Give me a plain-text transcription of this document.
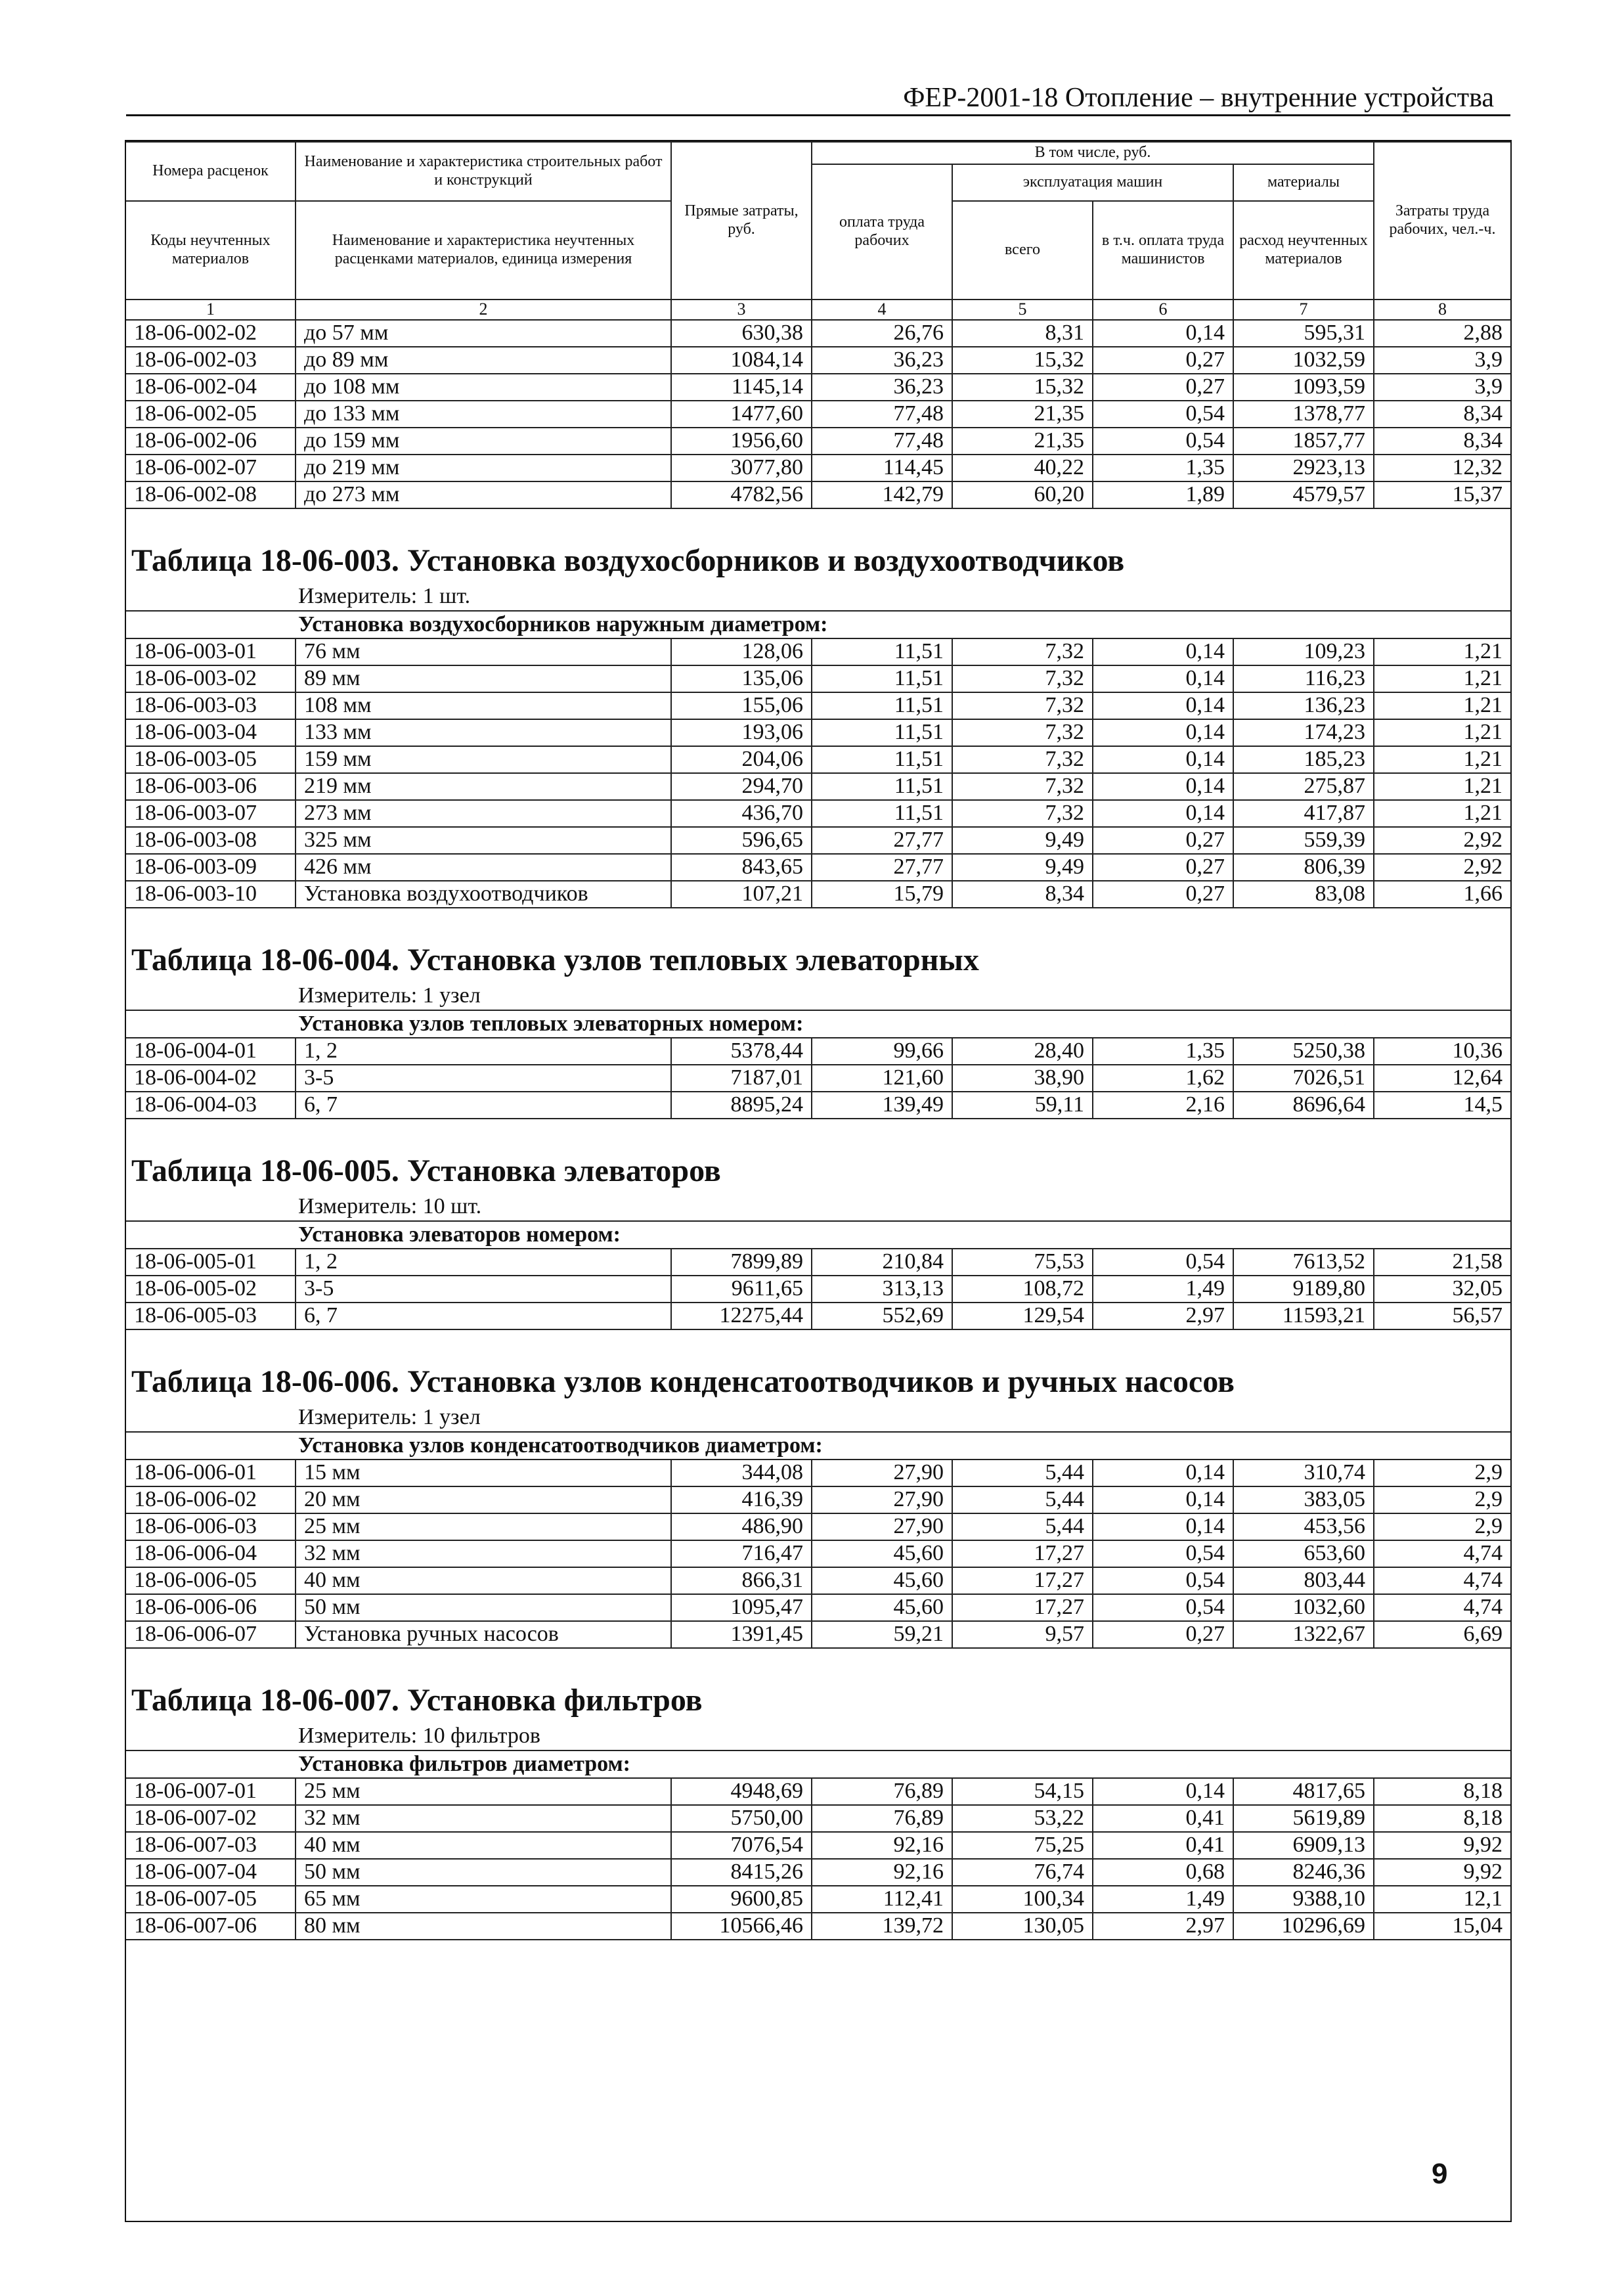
ФЕР-2001-18 Отопление – внутренние устройства
Номера расценок	Наименование и характеристика строительных работ и конструкций	Прямые затраты, руб.	В том числе, руб.				Затраты труда рабочих, чел.-ч.
			оплата труда рабочих	эксплуатация машин		материалы	
Коды неучтенных материалов	Наименование и характеристика неучтенных расценками материалов, единица измерения			всего	в т.ч. оплата труда машинистов	расход неучтенных материалов	

1	2	3	4	5	6	7	8
18-06-002-02	до 57 мм	630,38	26,76	8,31	0,14	595,31	2,88
18-06-002-03	до 89 мм	1084,14	36,23	15,32	0,27	1032,59	3,9
18-06-002-04	до 108 мм	1145,14	36,23	15,32	0,27	1093,59	3,9
18-06-002-05	до 133 мм	1477,60	77,48	21,35	0,54	1378,77	8,34
18-06-002-06	до 159 мм	1956,60	77,48	21,35	0,54	1857,77	8,34
18-06-002-07	до 219 мм	3077,80	114,45	40,22	1,35	2923,13	12,32
18-06-002-08	до 273 мм	4782,56	142,79	60,20	1,89	4579,57	15,37

Таблица 18-06-003. Установка воздухосборников и воздухоотводчиков							
Измеритель: 1 шт.							
Установка воздухосборников наружным диаметром:							
18-06-003-01	76 мм	128,06	11,51	7,32	0,14	109,23	1,21
18-06-003-02	89 мм	135,06	11,51	7,32	0,14	116,23	1,21
18-06-003-03	108 мм	155,06	11,51	7,32	0,14	136,23	1,21
18-06-003-04	133 мм	193,06	11,51	7,32	0,14	174,23	1,21
18-06-003-05	159 мм	204,06	11,51	7,32	0,14	185,23	1,21
18-06-003-06	219 мм	294,70	11,51	7,32	0,14	275,87	1,21
18-06-003-07	273 мм	436,70	11,51	7,32	0,14	417,87	1,21
18-06-003-08	325 мм	596,65	27,77	9,49	0,27	559,39	2,92
18-06-003-09	426 мм	843,65	27,77	9,49	0,27	806,39	2,92
18-06-003-10	Установка воздухоотводчиков	107,21	15,79	8,34	0,27	83,08	1,66

Таблица 18-06-004. Установка узлов тепловых элеваторных							
Измеритель: 1 узел							
Установка узлов тепловых элеваторных номером:							
18-06-004-01	1, 2	5378,44	99,66	28,40	1,35	5250,38	10,36
18-06-004-02	3-5	7187,01	121,60	38,90	1,62	7026,51	12,64
18-06-004-03	6, 7	8895,24	139,49	59,11	2,16	8696,64	14,5

Таблица 18-06-005. Установка элеваторов							
Измеритель: 10 шт.							
Установка элеваторов номером:							
18-06-005-01	1, 2	7899,89	210,84	75,53	0,54	7613,52	21,58
18-06-005-02	3-5	9611,65	313,13	108,72	1,49	9189,80	32,05
18-06-005-03	6, 7	12275,44	552,69	129,54	2,97	11593,21	56,57

Таблица 18-06-006. Установка узлов конденсатоотводчиков и ручных насосов							
Измеритель: 1 узел							
Установка узлов конденсатоотводчиков диаметром:							
18-06-006-01	15 мм	344,08	27,90	5,44	0,14	310,74	2,9
18-06-006-02	20 мм	416,39	27,90	5,44	0,14	383,05	2,9
18-06-006-03	25 мм	486,90	27,90	5,44	0,14	453,56	2,9
18-06-006-04	32 мм	716,47	45,60	17,27	0,54	653,60	4,74
18-06-006-05	40 мм	866,31	45,60	17,27	0,54	803,44	4,74
18-06-006-06	50 мм	1095,47	45,60	17,27	0,54	1032,60	4,74
18-06-006-07	Установка ручных насосов	1391,45	59,21	9,57	0,27	1322,67	6,69

Таблица 18-06-007. Установка фильтров							
Измеритель: 10 фильтров							
Установка фильтров диаметром:							
18-06-007-01	25 мм	4948,69	76,89	54,15	0,14	4817,65	8,18
18-06-007-02	32 мм	5750,00	76,89	53,22	0,41	5619,89	8,18
18-06-007-03	40 мм	7076,54	92,16	75,25	0,41	6909,13	9,92
18-06-007-04	50 мм	8415,26	92,16	76,74	0,68	8246,36	9,92
18-06-007-05	65 мм	9600,85	112,41	100,34	1,49	9388,10	12,1
18-06-007-06	80 мм	10566,46	139,72	130,05	2,97	10296,69	15,04
9
